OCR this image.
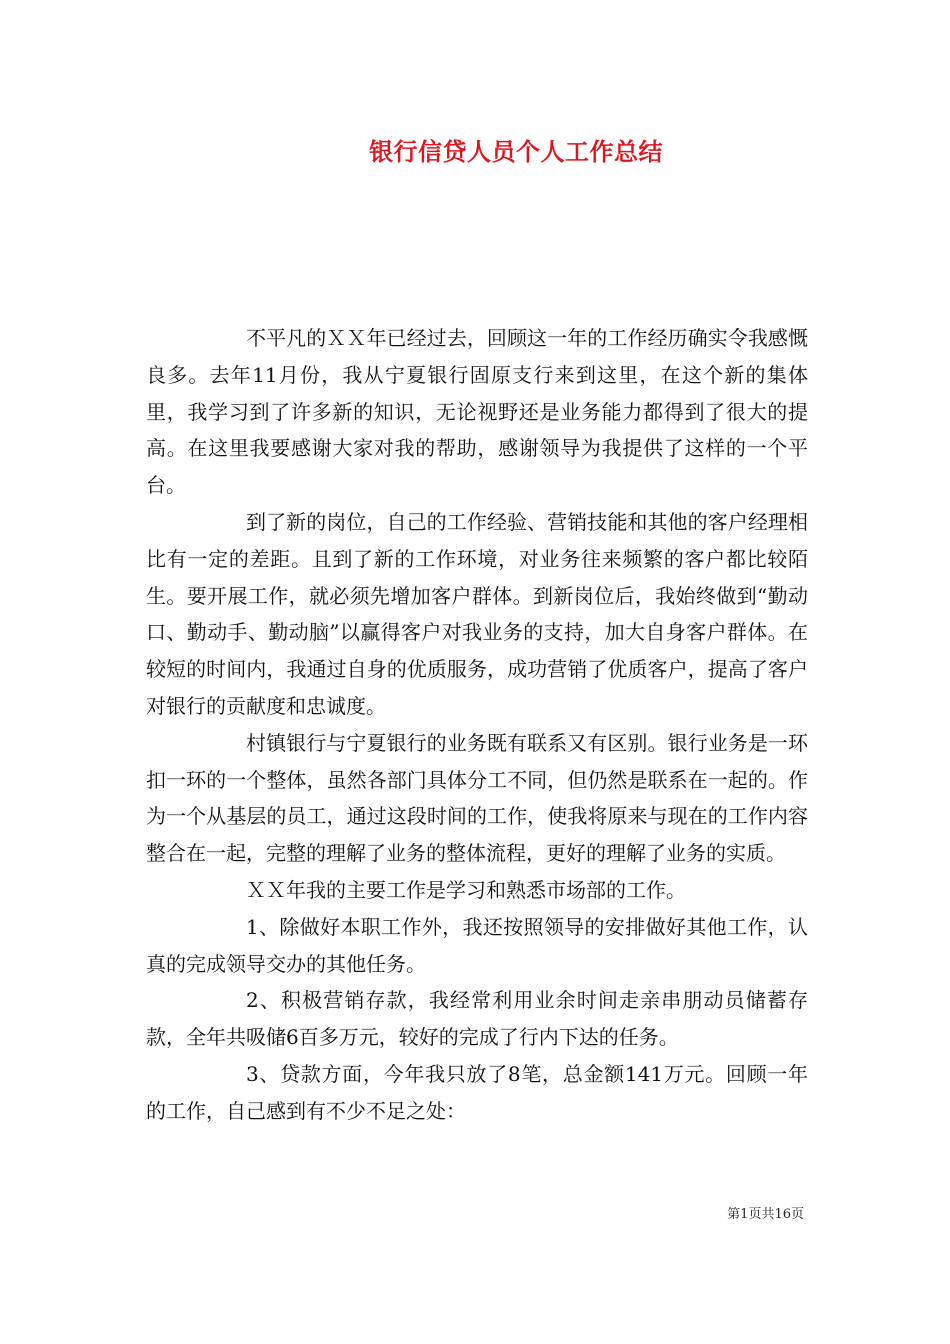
银行信贷人员个人工作总结

不平凡的ＸＸ年已经过去，回顾这一年的工作经历确实令我感慨良多。去年11月份，我从宁夏银行固原支行来到这里，在这个新的集体里，我学习到了许多新的知识，无论视野还是业务能力都得到了很大的提高。在这里我要感谢大家对我的帮助，感谢领导为我提供了这样的一个平台。

到了新的岗位，自己的工作经验、营销技能和其他的客户经理相比有一定的差距。且到了新的工作环境，对业务往来频繁的客户都比较陌生。要开展工作，就必须先增加客户群体。到新岗位后，我始终做到“勤动口、勤动手、勤动脑”以赢得客户对我业务的支持，加大自身客户群体。在较短的时间内，我通过自身的优质服务，成功营销了优质客户，提高了客户对银行的贡献度和忠诚度。

村镇银行与宁夏银行的业务既有联系又有区别。银行业务是一环扣一环的一个整体，虽然各部门具体分工不同，但仍然是联系在一起的。作为一个从基层的员工，通过这段时间的工作，使我将原来与现在的工作内容整合在一起，完整的理解了业务的整体流程，更好的理解了业务的实质。

ＸＸ年我的主要工作是学习和熟悉市场部的工作。

1、除做好本职工作外，我还按照领导的安排做好其他工作，认真的完成领导交办的其他任务。

2、积极营销存款，我经常利用业余时间走亲串朋动员储蓄存款，全年共吸储6百多万元，较好的完成了行内下达的任务。

3、贷款方面，今年我只放了8笔，总金额141万元。回顾一年的工作，自己感到有不少不足之处：

第1页共16页
